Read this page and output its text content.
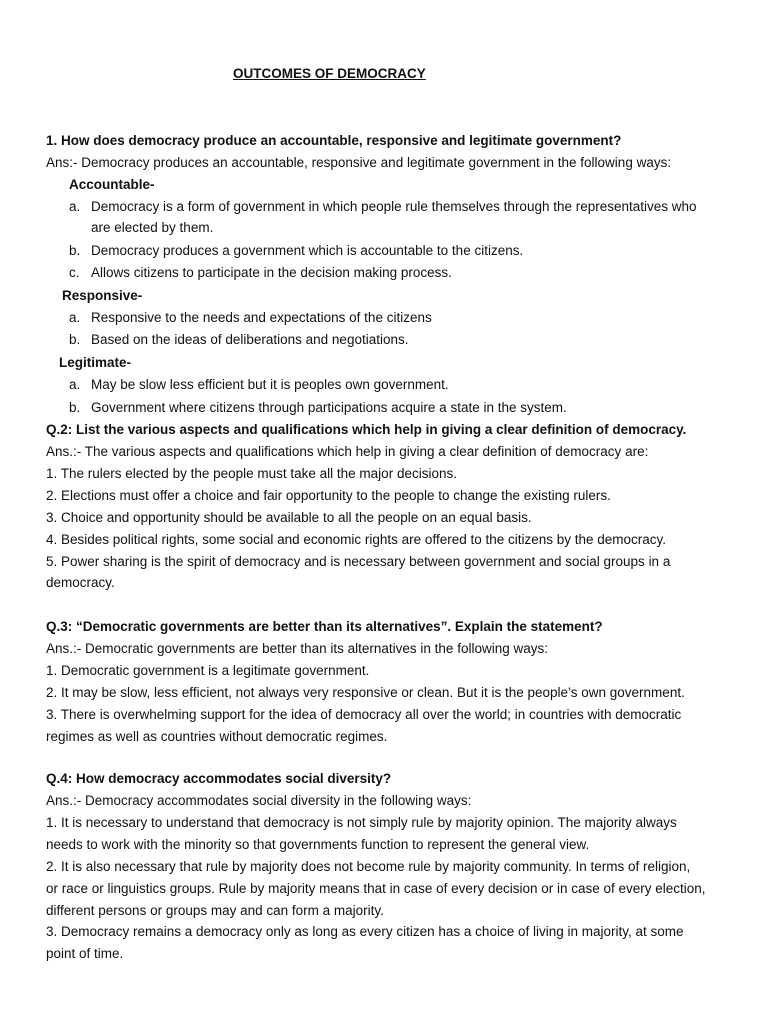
OUTCOMES OF DEMOCRACY
1. How does democracy produce an accountable, responsive and legitimate government?
Ans:- Democracy produces an accountable, responsive and legitimate government in the following ways:
Accountable-
a. Democracy is a form of government in which people rule themselves through the representatives who
are elected by them.
b. Democracy produces a government which is accountable to the citizens.
c. Allows citizens to participate in the decision making process.
Responsive-
a. Responsive to the needs and expectations of the citizens
b. Based on the ideas of deliberations and negotiations.
Legitimate-
a. May be slow less efficient but it is peoples own government.
b. Government where citizens through participations acquire a state in the system.
Q.2: List the various aspects and qualifications which help in giving a clear definition of democracy.
Ans.:- The various aspects and qualifications which help in giving a clear definition of democracy are:
1. The rulers elected by the people must take all the major decisions.
2. Elections must offer a choice and fair opportunity to the people to change the existing rulers.
3. Choice and opportunity should be available to all the people on an equal basis.
4. Besides political rights, some social and economic rights are offered to the citizens by the democracy.
5. Power sharing is the spirit of democracy and is necessary between government and social groups in a
democracy.
Q.3: “Democratic governments are better than its alternatives”. Explain the statement?
Ans.:- Democratic governments are better than its alternatives in the following ways:
1. Democratic government is a legitimate government.
2. It may be slow, less efficient, not always very responsive or clean. But it is the people’s own government.
3. There is overwhelming support for the idea of democracy all over the world; in countries with democratic
regimes as well as countries without democratic regimes.
Q.4: How democracy accommodates social diversity?
Ans.:- Democracy accommodates social diversity in the following ways:
1. It is necessary to understand that democracy is not simply rule by majority opinion. The majority always
needs to work with the minority so that governments function to represent the general view.
2. It is also necessary that rule by majority does not become rule by majority community. In terms of religion,
or race or linguistics groups. Rule by majority means that in case of every decision or in case of every election,
different persons or groups may and can form a majority.
3. Democracy remains a democracy only as long as every citizen has a choice of living in majority, at some
point of time.
